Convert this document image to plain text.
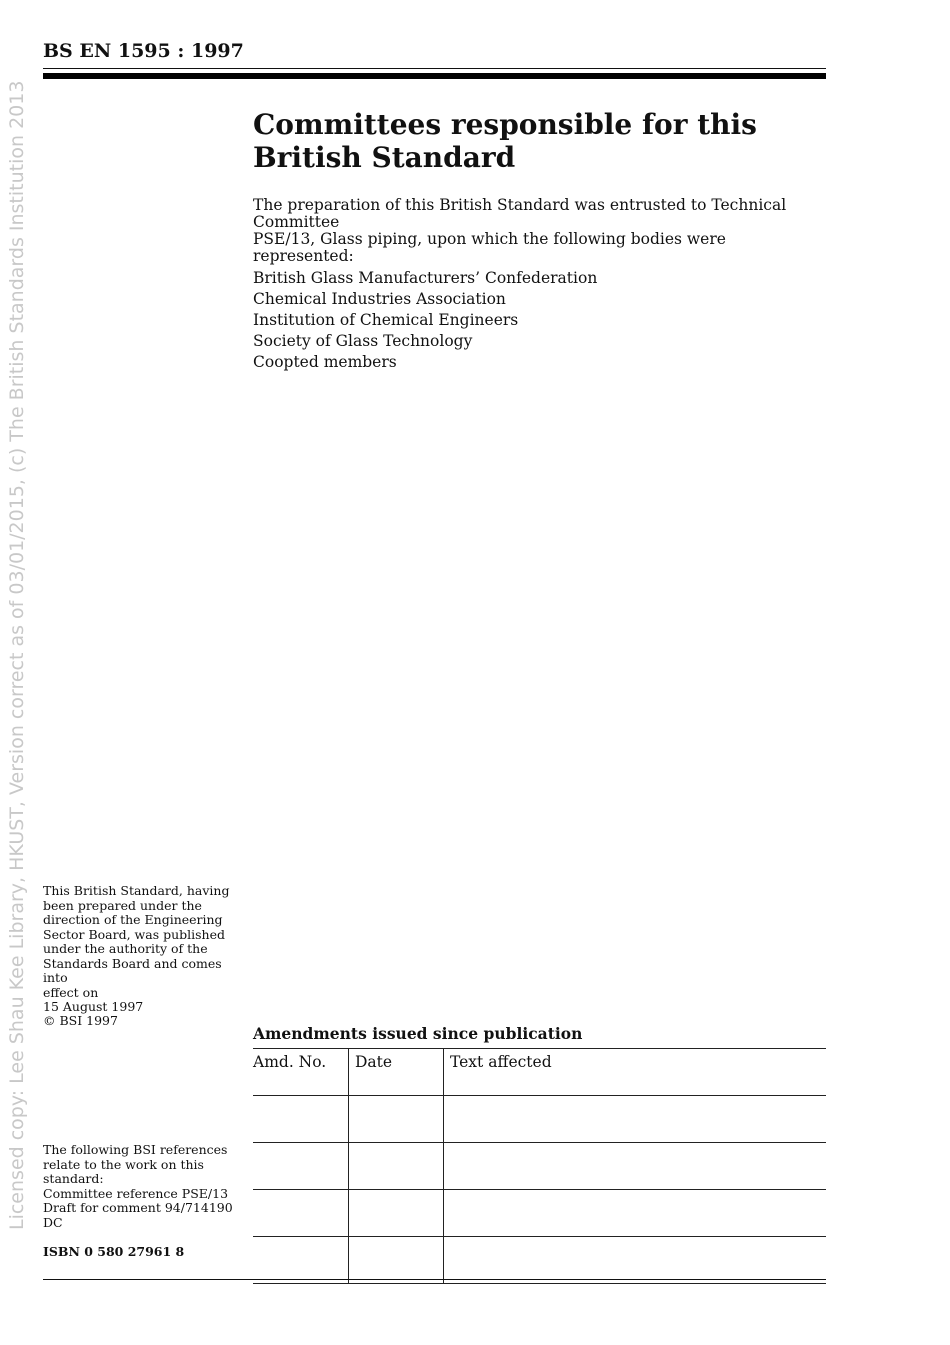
BS EN 1595 : 1997
Licensed copy: Lee Shau Kee Library, HKUST, Version correct as of 03/01/2015, (c) The British Standards Institution 2013	Committees responsible for this
British Standard
The preparation of this British Standard was entrusted to Technical Committee
PSE/13, Glass piping, upon which the following bodies were represented:
British Glass Manufacturers’ Confederation
Chemical Industries Association
Institution of Chemical Engineers
Society of Glass Technology
Coopted members
This British Standard, having
been prepared under the
direction of the Engineering
Sector Board, was published
under the authority of the
Standards Board and comes into
effect on
15 August 1997
© BSI 1997
The following BSI references
relate to the work on this
standard:
Committee reference PSE/13
Draft for comment 94/714190 DC
ISBN 0 580 27961 8
Amendments issued since publication
Amd. No.	Date	Text affected
